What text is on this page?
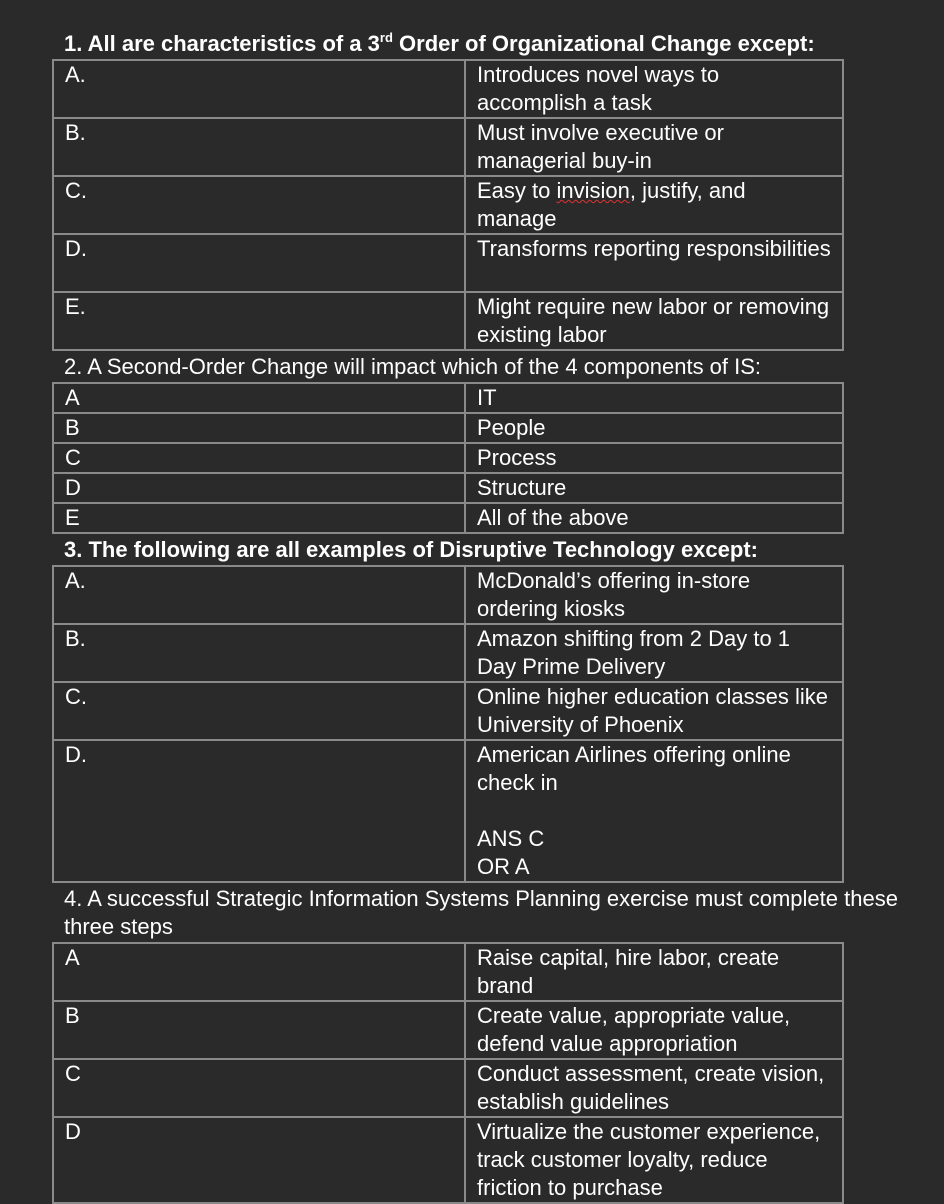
1. All are characteristics of a 3rd Order of Organizational Change except:
A.	Introduces novel ways to accomplish a task
B.	Must involve executive or managerial buy-in
C.	Easy to invision, justify, and manage
D.	Transforms reporting responsibilities
E.	Might require new labor or removing existing labor
2. A Second-Order Change will impact which of the 4 components of IS:
A	IT
B	People
C	Process
D	Structure
E	All of the above
3. The following are all examples of Disruptive Technology except:
A.	McDonald’s offering in-store ordering kiosks
B.	Amazon shifting from 2 Day to 1 Day Prime Delivery
C.	Online higher education classes like University of Phoenix
D.	American Airlines offering online check in
ANS C
OR A
4. A successful Strategic Information Systems Planning exercise must complete these three steps
A	Raise capital, hire labor, create brand
B	Create value, appropriate value, defend value appropriation
C	Conduct assessment, create vision, establish guidelines
D	Virtualize the customer experience, track customer loyalty, reduce friction to purchase
